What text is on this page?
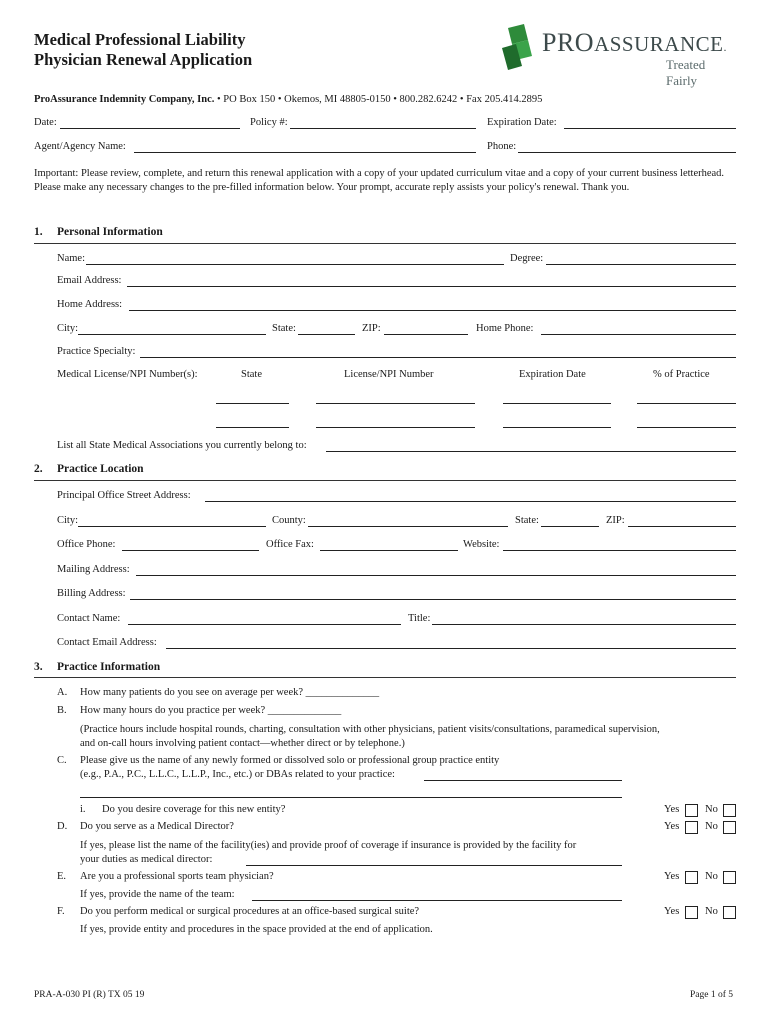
Medical Professional Liability
Physician Renewal Application
PROASSURANCE.
Treated Fairly
ProAssurance Indemnity Company, Inc. • PO Box 150 • Okemos, MI 48805-0150 • 800.282.6242 • Fax 205.414.2895
Date:	Policy #:	Expiration Date:
Agent/Agency Name:	Phone:
Important: Please review, complete, and return this renewal application with a copy of your updated curriculum vitae and a copy of your current business letterhead. Please make any necessary changes to the pre-filled information below. Your prompt, accurate reply assists your policy's renewal. Thank you.
1. Personal Information
Name:	Degree:
Email Address:
Home Address:
City:	State:	ZIP:	Home Phone:
Practice Specialty:
Medical License/NPI Number(s):	State	License/NPI Number	Expiration Date	% of Practice
List all State Medical Associations you currently belong to:
2. Practice Location
Principal Office Street Address:
City:	County:	State:	ZIP:
Office Phone:	Office Fax:	Website:
Mailing Address:
Billing Address:
Contact Name:	Title:
Contact Email Address:
3. Practice Information
A. How many patients do you see on average per week? ______________
B. How many hours do you practice per week? ______________
(Practice hours include hospital rounds, charting, consultation with other physicians, patient visits/consultations, paramedical supervision,
and on-call hours involving patient contact—whether direct or by telephone.)
C. Please give us the name of any newly formed or dissolved solo or professional group practice entity
(e.g., P.A., P.C., L.L.C., L.L.P., Inc., etc.) or DBAs related to your practice:
i. Do you desire coverage for this new entity?	Yes No
D. Do you serve as a Medical Director?	Yes No
If yes, please list the name of the facility(ies) and provide proof of coverage if insurance is provided by the facility for
your duties as medical director:
E. Are you a professional sports team physician?	Yes No
If yes, provide the name of the team:
F. Do you perform medical or surgical procedures at an office-based surgical suite?	Yes No
If yes, provide entity and procedures in the space provided at the end of application.
PRA-A-030 PI (R) TX 05 19	Page 1 of 5
